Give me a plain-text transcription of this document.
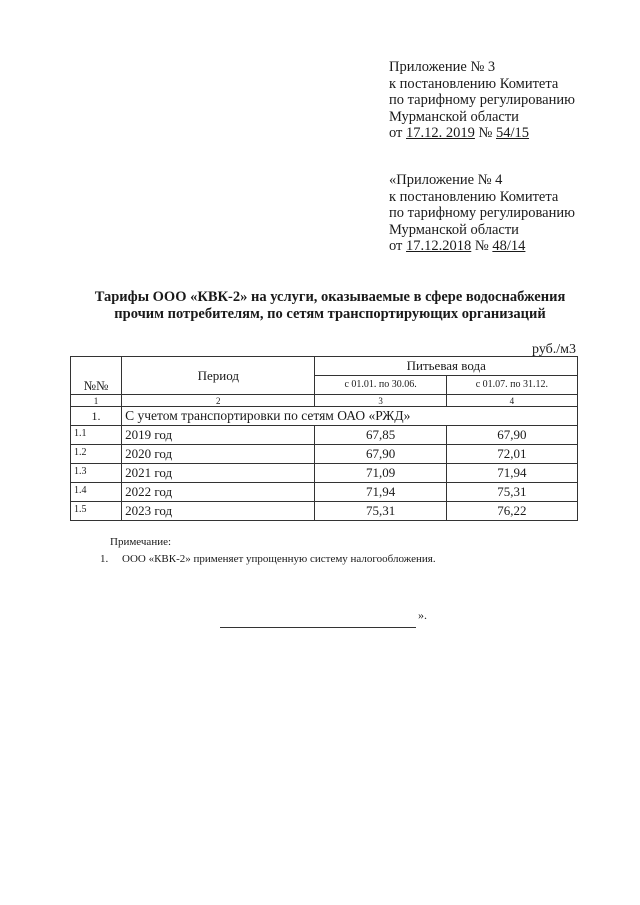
Приложение № 3
к постановлению Комитета
по тарифному регулированию
Мурманской области
от 17.12. 2019 № 54/15
«Приложение № 4
к постановлению Комитета
по тарифному регулированию
Мурманской области
от 17.12.2018 № 48/14
Тарифы ООО «КВК-2» на услуги, оказываемые в сфере водоснабжения
прочим потребителям, по сетям транспортирующих организаций
руб./м3
№№	Период	Питьевая вода	
		с 01.01. по 30.06.	с 01.07. по 31.12.
1	2	3	4
1.	С учетом транспортировки по сетям ОАО «РЖД»		
1.1	2019 год	67,85	67,90
1.2	2020 год	67,90	72,01
1.3	2021 год	71,09	71,94
1.4	2022 год	71,94	75,31
1.5	2023 год	75,31	76,22
Примечание:
1. ООО «КВК-2» применяет упрощенную систему налогообложения.
».
